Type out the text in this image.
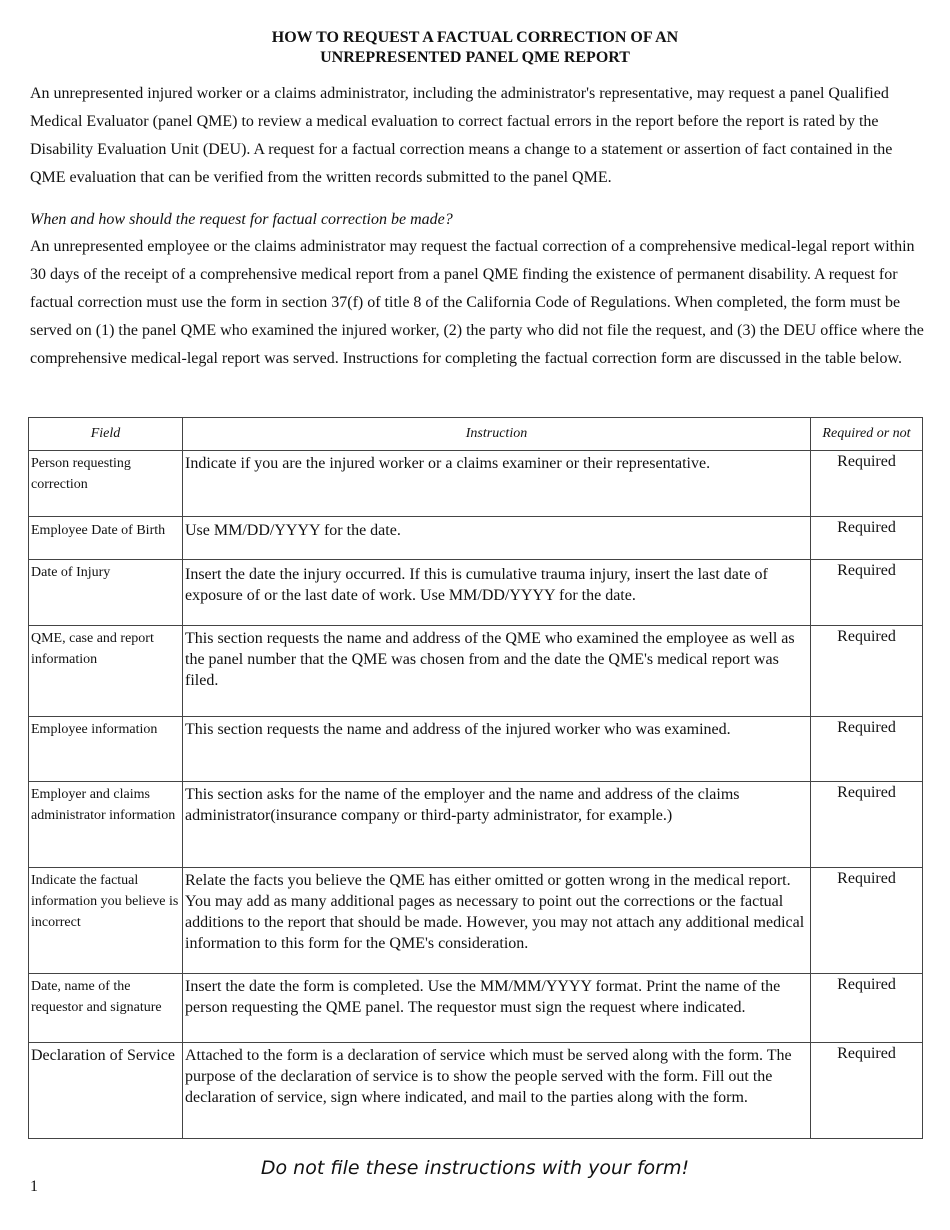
HOW TO REQUEST A FACTUAL CORRECTION OF AN
UNREPRESENTED PANEL QME REPORT

An unrepresented injured worker or a claims administrator, including the administrator's representative, may request a panel Qualified Medical Evaluator (panel QME) to review a medical evaluation to correct factual errors in the report before the report is rated by the Disability Evaluation Unit (DEU). A request for a factual correction means a change to a statement or assertion of fact contained in the QME evaluation that can be verified from the written records submitted to the panel QME.

When and how should the request for factual correction be made?

An unrepresented employee or the claims administrator may request the factual correction of a comprehensive medical-legal report within 30 days of the receipt of a comprehensive medical report from a panel QME finding the existence of permanent disability. A request for factual correction must use the form in section 37(f) of title 8 of the California Code of Regulations. When completed, the form must be served on (1) the panel QME who examined the injured worker, (2) the party who did not file the request, and (3) the DEU office where the comprehensive medical-legal report was served. Instructions for completing the factual correction form are discussed in the table below.

Field	Instruction	Required or not
Person requesting correction	Indicate if you are the injured worker or a claims examiner or their representative.	Required
Employee Date of Birth	Use MM/DD/YYYY for the date.	Required
Date of Injury	Insert the date the injury occurred. If this is cumulative trauma injury, insert the last date of exposure of or the last date of work. Use MM/DD/YYYY for the date.	Required
QME, case and report information	This section requests the name and address of the QME who examined the employee as well as the panel number that the QME was chosen from and the date the QME's medical report was filed.	Required
Employee information	This section requests the name and address of the injured worker who was examined.	Required
Employer and claims administrator information	This section asks for the name of the employer and the name and address of the claims administrator(insurance company or third-party administrator, for example.)	Required
Indicate the factual information you believe is incorrect	Relate the facts you believe the QME has either omitted or gotten wrong in the medical report. You may add as many additional pages as necessary to point out the corrections or the factual additions to the report that should be made. However, you may not attach any additional medical information to this form for the QME's consideration.	Required
Date, name of the requestor and signature	Insert the date the form is completed. Use the MM/MM/YYYY format. Print the name of the person requesting the QME panel. The requestor must sign the request where indicated.	Required
Declaration of Service	Attached to the form is a declaration of service which must be served along with the form. The purpose of the declaration of service is to show the people served with the form. Fill out the declaration of service, sign where indicated, and mail to the parties along with the form.	Required
Do not file these instructions with your form!
1
